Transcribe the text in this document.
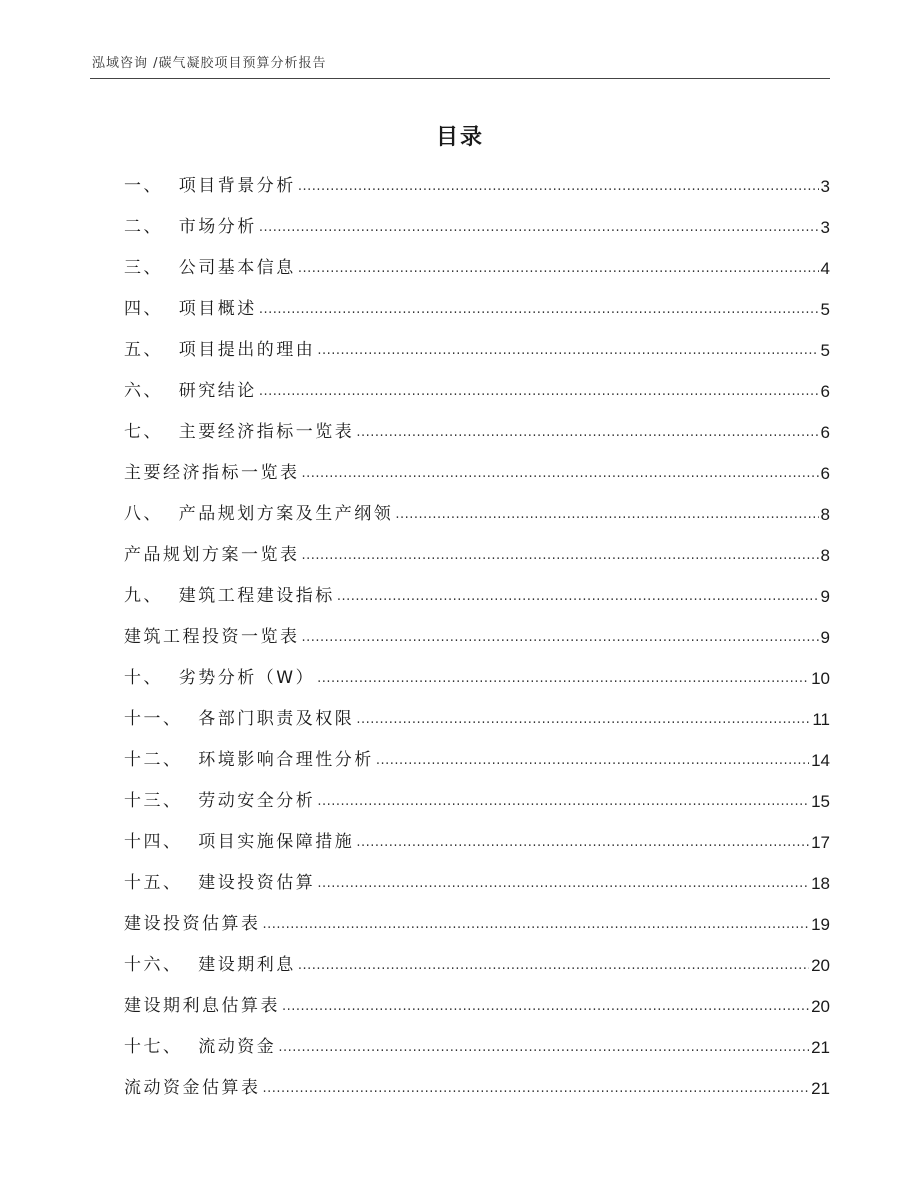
泓域咨询 /碳气凝胶项目预算分析报告
目录
一、  项目背景分析 .....	3
二、  市场分析 .....	3
三、  公司基本信息 .....	4
四、  项目概述 .....	5
五、  项目提出的理由 .....	5
六、  研究结论 .....	6
七、  主要经济指标一览表 .....	6
主要经济指标一览表 .....	6
八、  产品规划方案及生产纲领 .....	8
产品规划方案一览表 .....	8
九、  建筑工程建设指标 .....	9
建筑工程投资一览表 .....	9
十、  劣势分析（W） .....	10
十一、  各部门职责及权限 .....	11
十二、  环境影响合理性分析 .....	14
十三、  劳动安全分析 .....	15
十四、  项目实施保障措施 .....	17
十五、  建设投资估算 .....	18
建设投资估算表 .....	19
十六、  建设期利息 .....	20
建设期利息估算表 .....	20
十七、  流动资金 .....	21
流动资金估算表 .....	21
